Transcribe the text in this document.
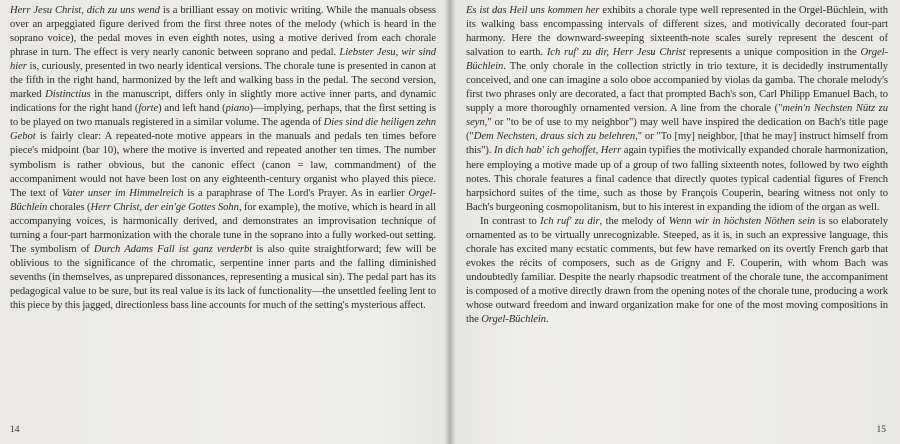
Herr Jesu Christ, dich zu uns wend is a brilliant essay on motivic writing. While the manuals obsess over an arpeggiated figure derived from the first three notes of the melody (which is heard in the soprano voice), the pedal moves in even eighth notes, using a motive derived from each chorale phrase in turn. The effect is very nearly canonic between soprano and pedal. Liebster Jesu, wir sind hier is, curiously, presented in two nearly identical versions. The chorale tune is presented in canon at the fifth in the right hand, harmonized by the left and walking bass in the pedal. The second version, marked Distinctius in the manuscript, differs only in slightly more active inner parts, and dynamic indications for the right hand (forte) and left hand (piano)—implying, perhaps, that the first setting is to be played on two manuals registered in a similar volume. The agenda of Dies sind die heiligen zehn Gebot is fairly clear: A repeated-note motive appears in the manuals and pedals ten times before piece's midpoint (bar 10), where the motive is inverted and repeated another ten times. The number symbolism is rather obvious, but the canonic effect (canon = law, commandment) of the accompaniment would not have been lost on any eighteenth-century organist who played this piece. The text of Vater unser im Himmelreich is a paraphrase of The Lord's Prayer. As in earlier Orgel-Büchlein chorales (Herr Christ, der ein'ge Gottes Sohn, for example), the motive, which is heard in all accompanying voices, is harmonically derived, and demonstrates an improvisation technique of turning a four-part harmonization with the chorale tune in the soprano into a fully worked-out setting. The symbolism of Durch Adams Fall ist ganz verderbt is also quite straightforward; few will be oblivious to the significance of the chromatic, serpentine inner parts and the falling diminished sevenths (in themselves, as unprepared dissonances, representing a musical sin). The pedal part has its pedagogical value to be sure, but its real value is its lack of functionality—the unsettled feeling lent to this piece by this jagged, directionless bass line accounts for much of the setting's mysterious affect.

14

Es ist das Heil uns kommen her exhibits a chorale type well represented in the Orgel-Büchlein, with its walking bass encompassing intervals of different sizes, and motivically decorated four-part harmony. Here the downward-sweeping sixteenth-note scales surely represent the descent of salvation to earth. Ich ruf' zu dir, Herr Jesu Christ represents a unique composition in the Orgel-Büchlein. The only chorale in the collection strictly in trio texture, it is decidedly instrumentally conceived, and one can imagine a solo oboe accompanied by violas da gamba. The chorale melody's first two phrases only are decorated, a fact that prompted Bach's son, Carl Philipp Emanuel Bach, to supply a more thoroughly ornamented version. A line from the chorale ("mein'n Nechsten Nütz zu seyn," or "to be of use to my neighbor") may well have inspired the dedication on Bach's title page ("Dem Nechsten, draus sich zu belehren," or "To [my] neighbor, [that he may] instruct himself from this"). In dich hab' ich gehoffet, Herr again typifies the motivically expanded chorale harmonization, here employing a motive made up of a group of two falling sixteenth notes, followed by two eighth notes. This chorale features a final cadence that directly quotes typical cadential figures of French harpsichord suites of the time, such as those by François Couperin, bearing witness not only to Bach's burgeoning cosmopolitanism, but to his interest in expanding the idiom of the organ as well.

In contrast to Ich ruf' zu dir, the melody of Wenn wir in höchsten Nöthen sein is so elaborately ornamented as to be virtually unrecognizable. Steeped, as it is, in such an expressive language, this chorale has excited many ecstatic comments, but few have remarked on its overtly French garb that evokes the récits of composers, such as de Grigny and F. Couperin, with whom Bach was undoubtedly familiar. Despite the nearly rhapsodic treatment of the chorale tune, the accompaniment is composed of a motive directly drawn from the opening notes of the chorale tune, producing a work whose outward freedom and inward organization make for one of the most moving compositions in the Orgel-Büchlein.

15
